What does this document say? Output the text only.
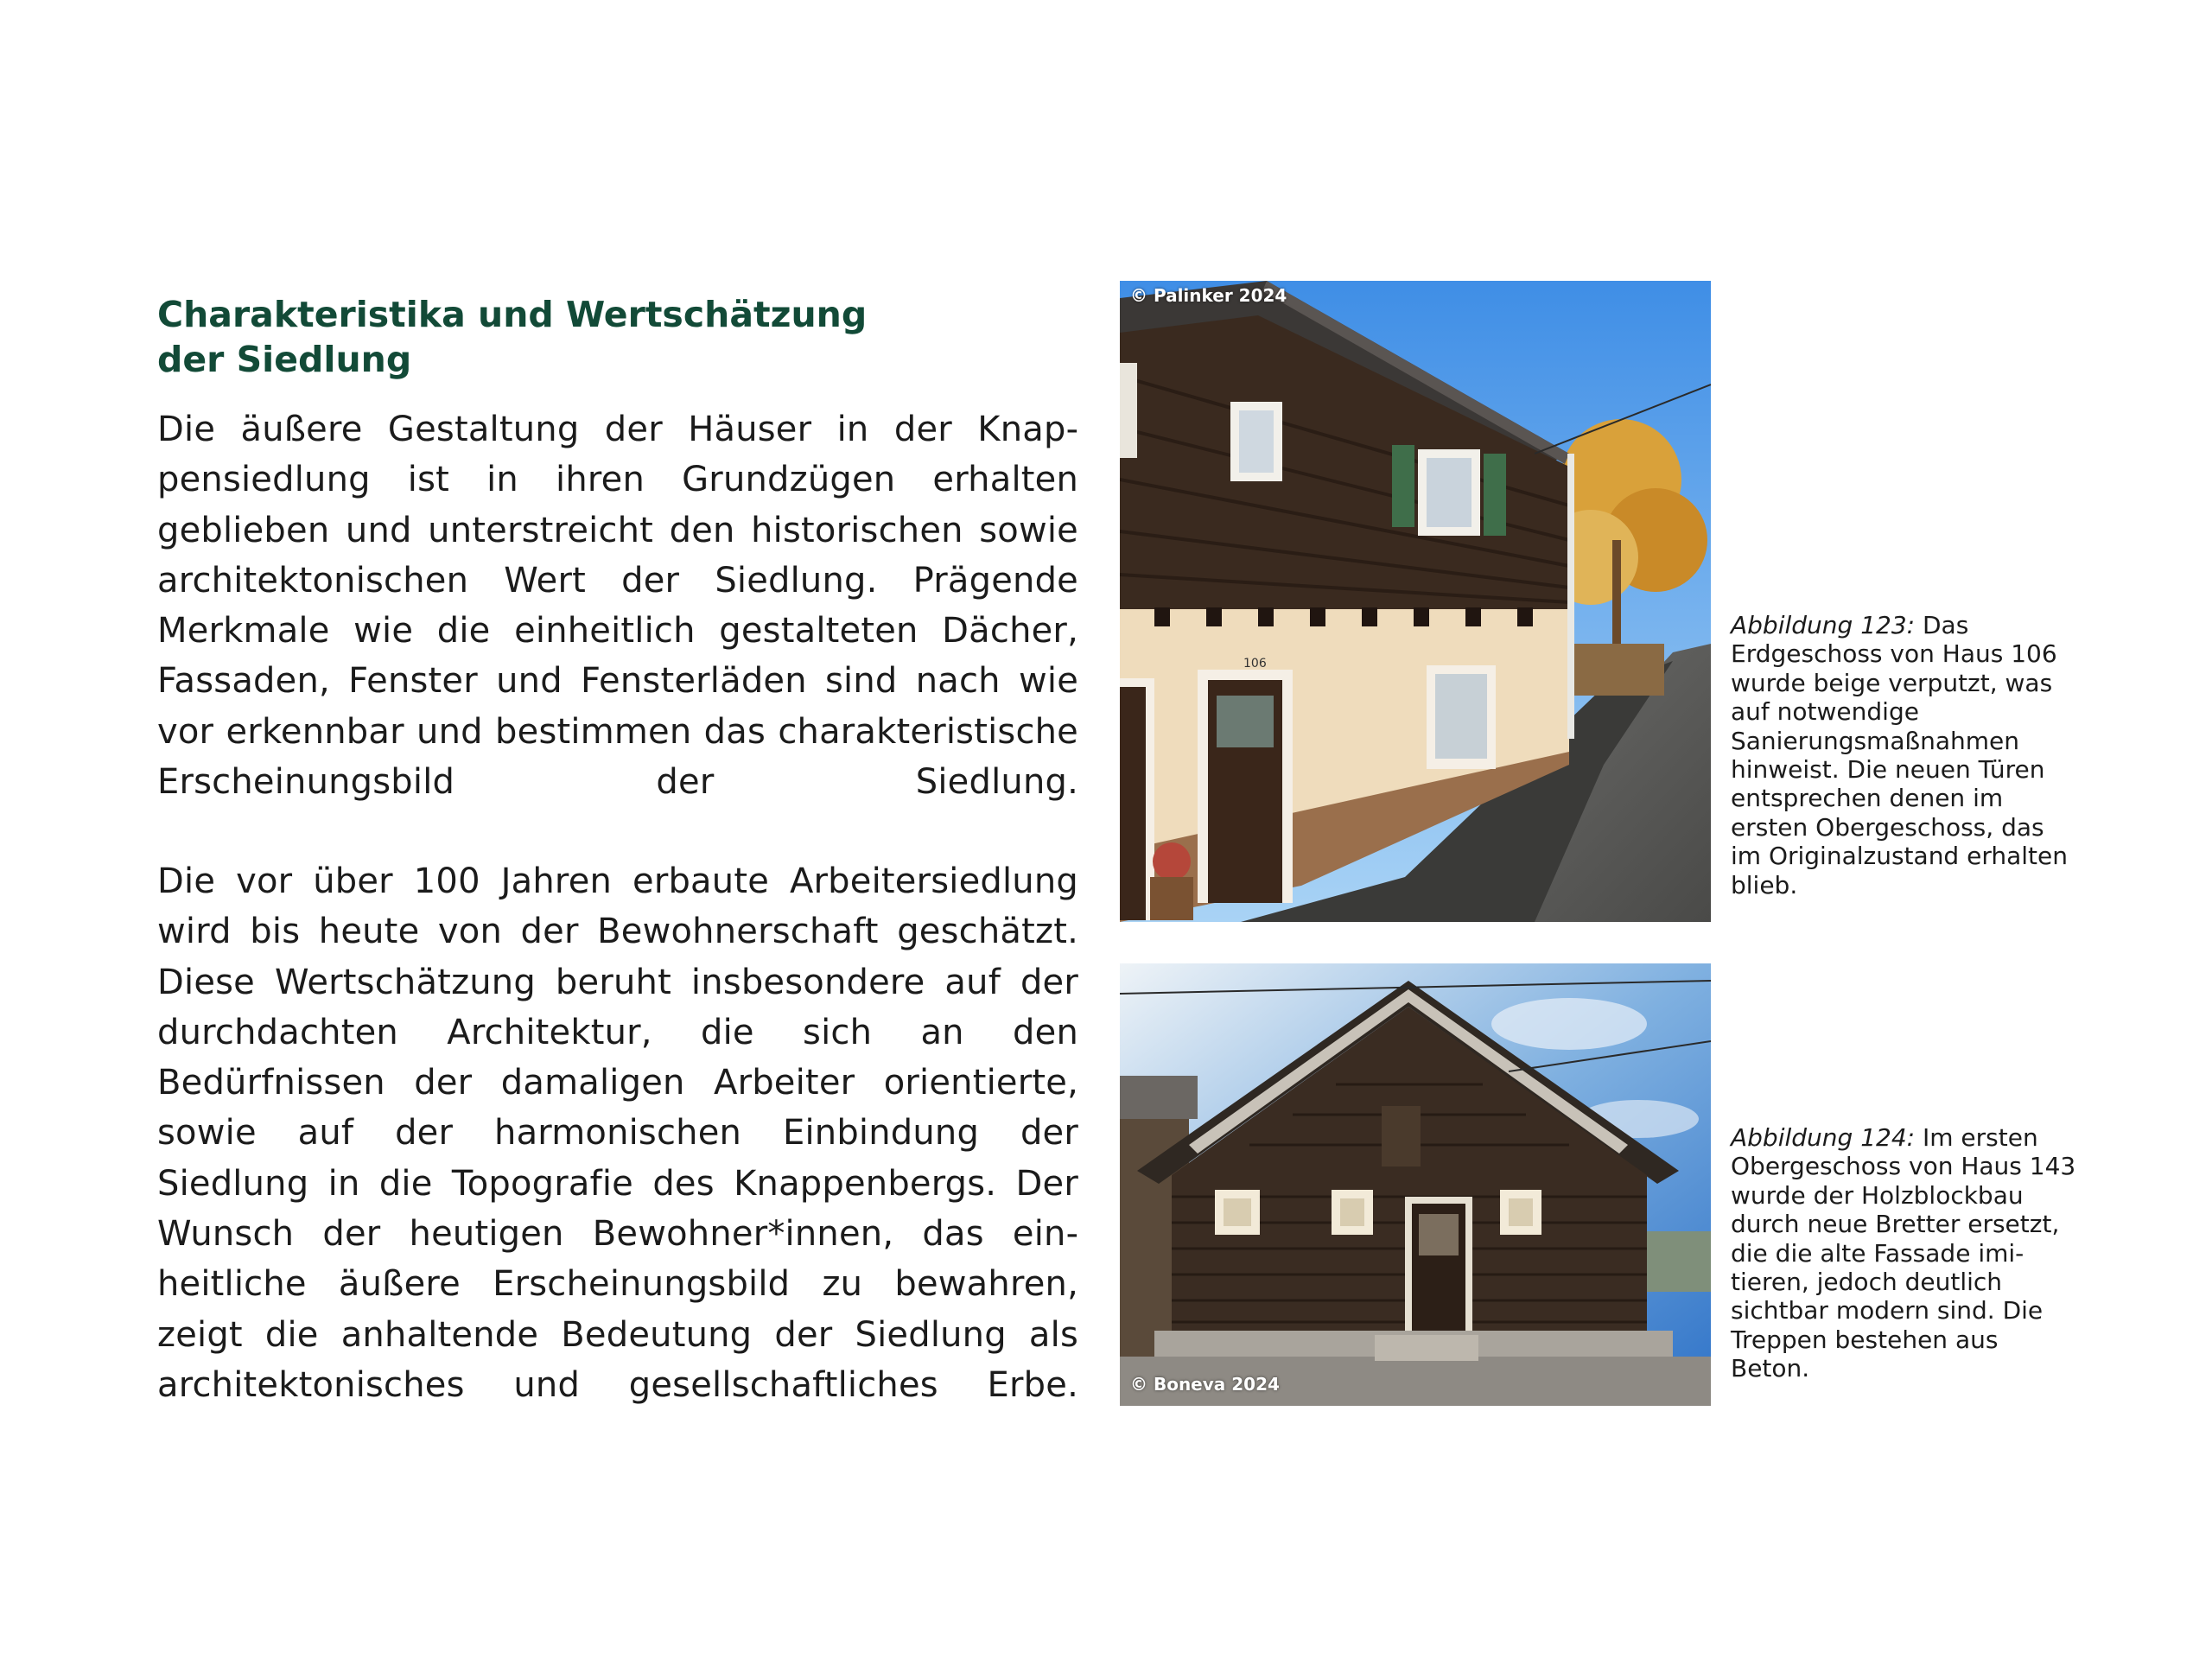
Charakteristika und Wertschätzung
der Siedlung

Die äußere Gestaltung der Häuser in der Knappensiedlung ist in ihren Grundzügen erhalten geblieben und unterstreicht den historischen sowie architektonischen Wert der Siedlung. Prägende Merkmale wie die einheitlich gestalteten Dächer, Fassaden, Fenster und Fensterläden sind nach wie vor erkennbar und bestimmen das charakteristische Erscheinungsbild der Siedlung.

Die vor über 100 Jahren erbaute Arbeitersiedlung wird bis heute von der Bewohnerschaft geschätzt. Diese Wertschätzung beruht insbesondere auf der durchdachten Architektur, die sich an den Bedürfnissen der damaligen Arbeiter orientierte, sowie auf der harmonischen Einbindung der Siedlung in die Topografie des Knappenbergs. Der Wunsch der heutigen Bewohner*innen, das einheitliche äußere Erscheinungsbild zu bewahren, zeigt die anhaltende Bedeutung der Siedlung als architektonisches und gesellschaftliches Erbe.

106
© Palinker 2024

Abbildung 123: Das Erdgeschoss von Haus 106 wurde beige verputzt, was auf notwendige Sanierungsmaßnahmen hinweist. Die neuen Türen entsprechen denen im ersten Obergeschoss, das im Originalzustand erhalten blieb.

© Boneva 2024

Abbildung 124: Im ersten Obergeschoss von Haus 143 wurde der Holzblockbau durch neue Bretter ersetzt, die die alte Fassade imitieren, jedoch deutlich sichtbar modern sind. Die Treppen bestehen aus Beton.
